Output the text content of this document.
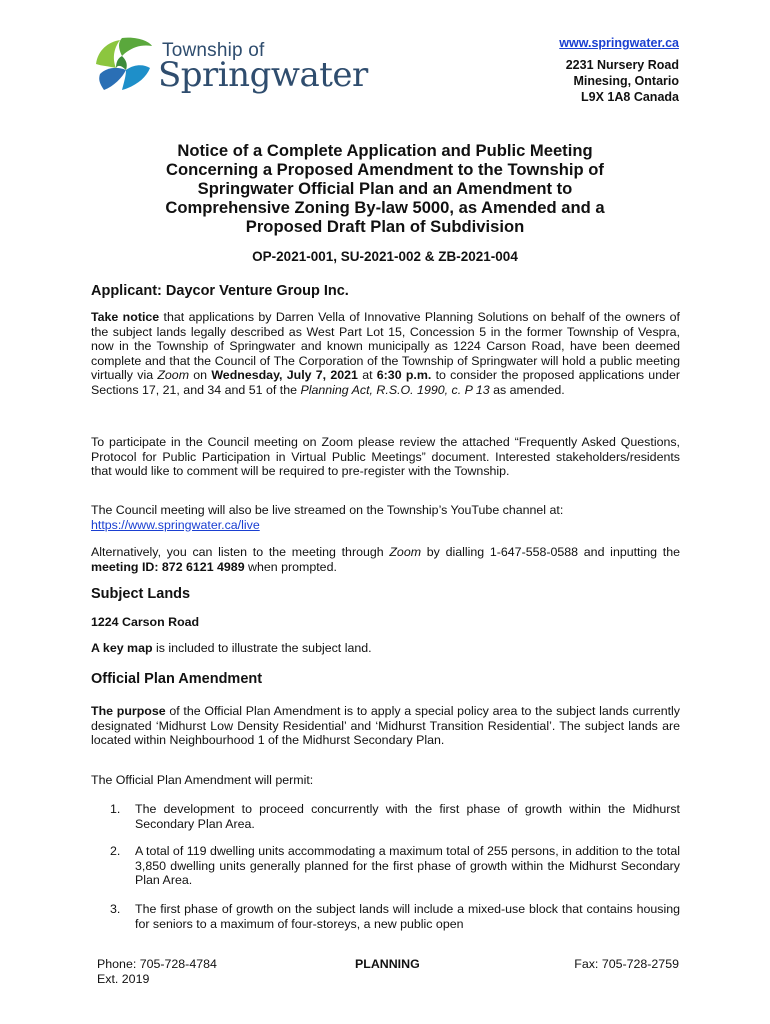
Township of
Springwater
www.springwater.ca
2231 Nursery Road
Minesing, Ontario
L9X 1A8 Canada
Notice of a Complete Application and Public Meeting
Concerning a Proposed Amendment to the Township of
Springwater Official Plan and an Amendment to
Comprehensive Zoning By-law 5000, as Amended and a
Proposed Draft Plan of Subdivision
OP-2021-001, SU-2021-002 & ZB-2021-004
Applicant: Daycor Venture Group Inc.
Take notice that applications by Darren Vella of Innovative Planning Solutions on behalf of the owners of the subject lands legally described as West Part Lot 15, Concession 5 in the former Township of Vespra, now in the Township of Springwater and known municipally as 1224 Carson Road, have been deemed complete and that the Council of The Corporation of the Township of Springwater will hold a public meeting virtually via Zoom on Wednesday, July 7, 2021 at 6:30 p.m. to consider the proposed applications under Sections 17, 21, and 34 and 51 of the Planning Act, R.S.O. 1990, c. P 13 as amended.
To participate in the Council meeting on Zoom please review the attached “Frequently Asked Questions, Protocol for Public Participation in Virtual Public Meetings” document. Interested stakeholders/residents that would like to comment will be required to pre-register with the Township.
The Council meeting will also be live streamed on the Township’s YouTube channel at:
https://www.springwater.ca/live
Alternatively, you can listen to the meeting through Zoom by dialling 1-647-558-0588 and inputting the meeting ID: 872 6121 4989 when prompted.
Subject Lands
1224 Carson Road
A key map is included to illustrate the subject land.
Official Plan Amendment
The purpose of the Official Plan Amendment is to apply a special policy area to the subject lands currently designated ‘Midhurst Low Density Residential’ and ‘Midhurst Transition Residential’. The subject lands are located within Neighbourhood 1 of the Midhurst Secondary Plan.
The Official Plan Amendment will permit:
1.	The development to proceed concurrently with the first phase of growth within the Midhurst Secondary Plan Area.
2.	A total of 119 dwelling units accommodating a maximum total of 255 persons, in addition to the total 3,850 dwelling units generally planned for the first phase of growth within the Midhurst Secondary Plan Area.
3.	The first phase of growth on the subject lands will include a mixed-use block that contains housing for seniors to a maximum of four-storeys, a new public open
Phone: 705-728-4784
Ext. 2019
PLANNING	Fax: 705-728-2759
